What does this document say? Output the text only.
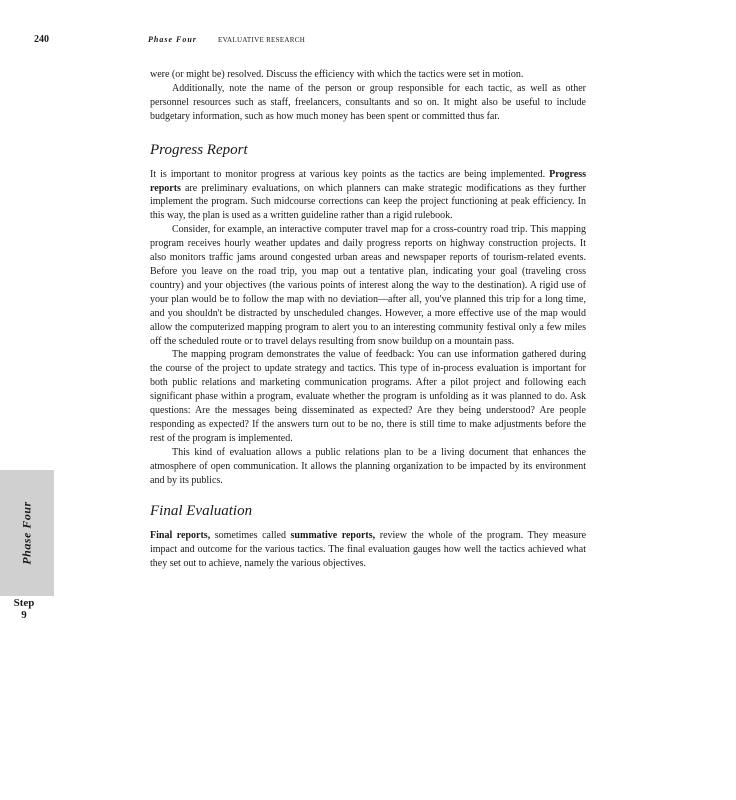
240	Phase Four	EVALUATIVE RESEARCH
Phase Four
Step
9

were (or might be) resolved. Discuss the efficiency with which the tactics were set in motion.

Additionally, note the name of the person or group responsible for each tactic, as well as other personnel resources such as staff, freelancers, consultants and so on. It might also be useful to include budgetary information, such as how much money has been spent or committed thus far.

Progress Report

It is important to monitor progress at various key points as the tactics are being implemented. Progress reports are preliminary evaluations, on which planners can make strategic modifications as they further implement the program. Such midcourse corrections can keep the project functioning at peak efficiency. In this way, the plan is used as a written guideline rather than a rigid rulebook.

Consider, for example, an interactive computer travel map for a cross-country road trip. This mapping program receives hourly weather updates and daily progress reports on highway construction projects. It also monitors traffic jams around congested urban areas and newspaper reports of tourism-related events. Before you leave on the road trip, you map out a tentative plan, indicating your goal (traveling cross country) and your objectives (the various points of interest along the way to the destination). A rigid use of your plan would be to follow the map with no deviation—after all, you've planned this trip for a long time, and you shouldn't be distracted by unscheduled changes. However, a more effective use of the map would allow the computerized mapping program to alert you to an interesting community festival only a few miles off the scheduled route or to travel delays resulting from snow buildup on a mountain pass.

The mapping program demonstrates the value of feedback: You can use information gathered during the course of the project to update strategy and tactics. This type of in-process evaluation is important for both public relations and marketing communication programs. After a pilot project and following each significant phase within a program, evaluate whether the program is unfolding as it was planned to do. Ask questions: Are the messages being disseminated as expected? Are they being understood? Are people responding as expected? If the answers turn out to be no, there is still time to make adjustments before the rest of the program is implemented.

This kind of evaluation allows a public relations plan to be a living document that enhances the atmosphere of open communication. It allows the planning organization to be impacted by its environment and by its publics.

Final Evaluation

Final reports, sometimes called summative reports, review the whole of the program. They measure impact and outcome for the various tactics. The final evaluation gauges how well the tactics achieved what they set out to achieve, namely the various objectives.
